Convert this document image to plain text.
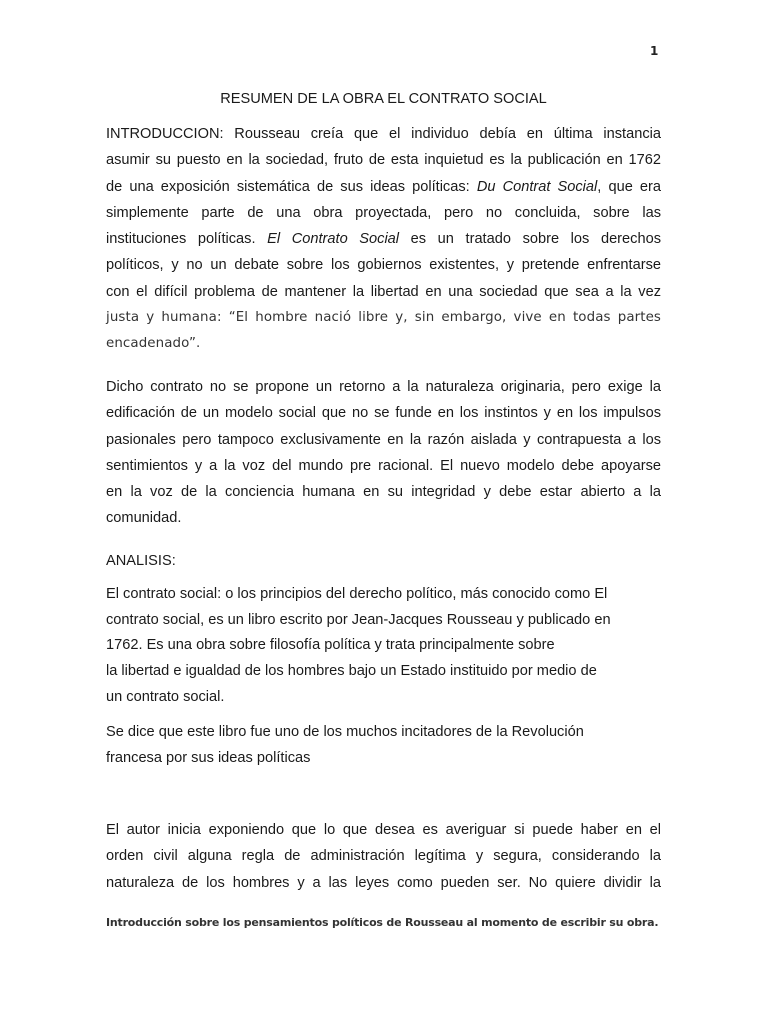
1
RESUMEN DE LA OBRA EL CONTRATO SOCIAL
INTRODUCCION: Rousseau creía que el individuo debía en última instancia
asumir su puesto en la sociedad, fruto de esta inquietud es la publicación en 1762
de una exposición sistemática de sus ideas políticas: Du Contrat Social, que era
simplemente parte de una obra proyectada, pero no concluida, sobre las
instituciones políticas. El Contrato Social es un tratado sobre los derechos
políticos, y no un debate sobre los gobiernos existentes, y pretende enfrentarse
con el difícil problema de mantener la libertad en una sociedad que sea a la vez
justa y humana: “El hombre nació libre y, sin embargo, vive en todas partes
encadenado”.
Dicho contrato no se propone un retorno a la naturaleza originaria, pero exige la
edificación de un modelo social que no se funde en los instintos y en los impulsos
pasionales pero tampoco exclusivamente en la razón aislada y contrapuesta a los
sentimientos y a la voz del mundo pre racional. El nuevo modelo debe apoyarse
en la voz de la conciencia humana en su integridad y debe estar abierto a la
comunidad.
ANALISIS:
El contrato social: o los principios del derecho político, más conocido como El
contrato social, es un libro escrito por Jean-Jacques Rousseau y publicado en
1762. Es una obra sobre filosofía política y trata principalmente sobre
la libertad e igualdad de los hombres bajo un Estado instituido por medio de
un contrato social.
Se dice que este libro fue uno de los muchos incitadores de la Revolución
francesa por sus ideas políticas
El autor inicia exponiendo que lo que desea es averiguar si puede haber en el
orden civil alguna regla de administración legítima y segura, considerando la
naturaleza de los hombres y a las leyes como pueden ser. No quiere dividir la
Introducción sobre los pensamientos políticos de Rousseau al momento de escribir su obra.
